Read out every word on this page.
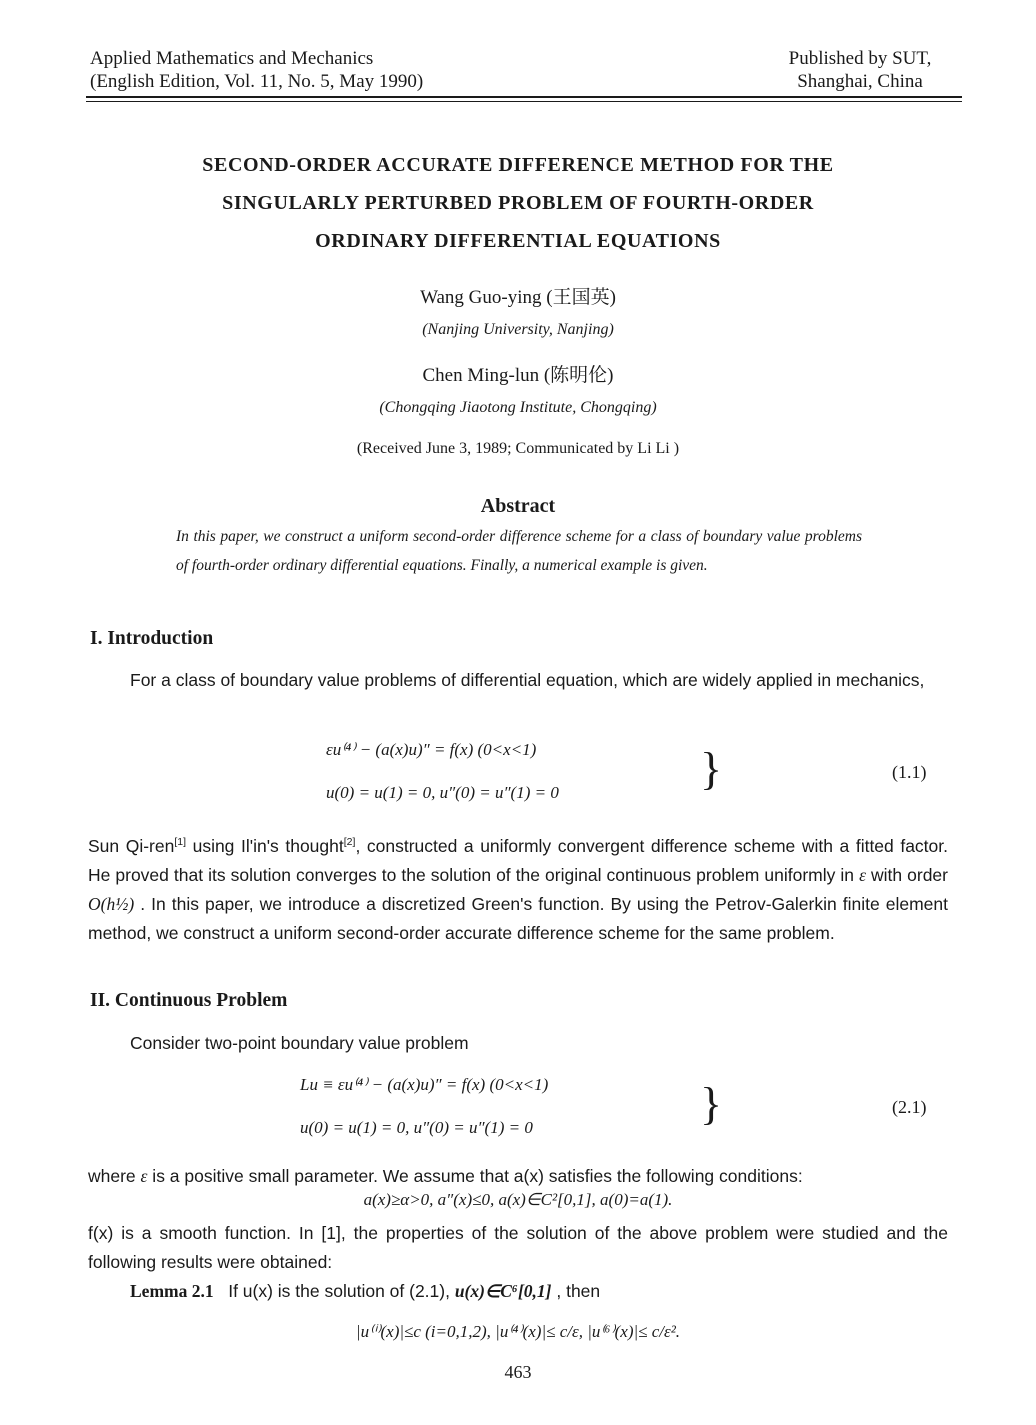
Applied Mathematics and Mechanics
(English Edition, Vol. 11, No. 5, May 1990)
Published by SUT,
Shanghai, China
SECOND-ORDER ACCURATE DIFFERENCE METHOD FOR THE
SINGULARLY PERTURBED PROBLEM OF FOURTH-ORDER
ORDINARY DIFFERENTIAL EQUATIONS
Wang Guo-ying (王国英)
(Nanjing University, Nanjing)
Chen Ming-lun (陈明伦)
(Chongqing Jiaotong Institute, Chongqing)
(Received June 3, 1989; Communicated by Li Li )
Abstract
In this paper, we construct a uniform second-order difference scheme for a class of boundary value problems of fourth-order ordinary differential equations. Finally, a numerical example is given.
I. Introduction
For a class of boundary value problems of differential equation, which are widely applied in mechanics,
εu⁽⁴⁾ − (a(x)u)″ = f(x) (0<x<1)
u(0) = u(1) = 0, u″(0) = u″(1) = 0	}	(1.1)
Sun Qi-ren[1] using Il'in's thought[2], constructed a uniformly convergent difference scheme with a fitted factor. He proved that its solution converges to the solution of the original continuous problem uniformly in ε with order O(h½) . In this paper, we introduce a discretized Green's function. By using the Petrov-Galerkin finite element method, we construct a uniform second-order accurate difference scheme for the same problem.
II. Continuous Problem
Consider two-point boundary value problem
Lu ≡ εu⁽⁴⁾ − (a(x)u)″ = f(x) (0<x<1)
u(0) = u(1) = 0, u″(0) = u″(1) = 0	}	(2.1)
where ε is a positive small parameter. We assume that a(x) satisfies the following conditions:
a(x)≥α>0, a″(x)≤0, a(x)∈C²[0,1], a(0)=a(1).
f(x) is a smooth function. In [1], the properties of the solution of the above problem were studied and the following results were obtained:
Lemma 2.1 If u(x) is the solution of (2.1), u(x)∈C⁶[0,1] , then
|u⁽ⁱ⁾(x)|≤c (i=0,1,2), |u⁽⁴⁾(x)|≤ c/ε, |u⁽⁶⁾(x)|≤ c/ε².
463
